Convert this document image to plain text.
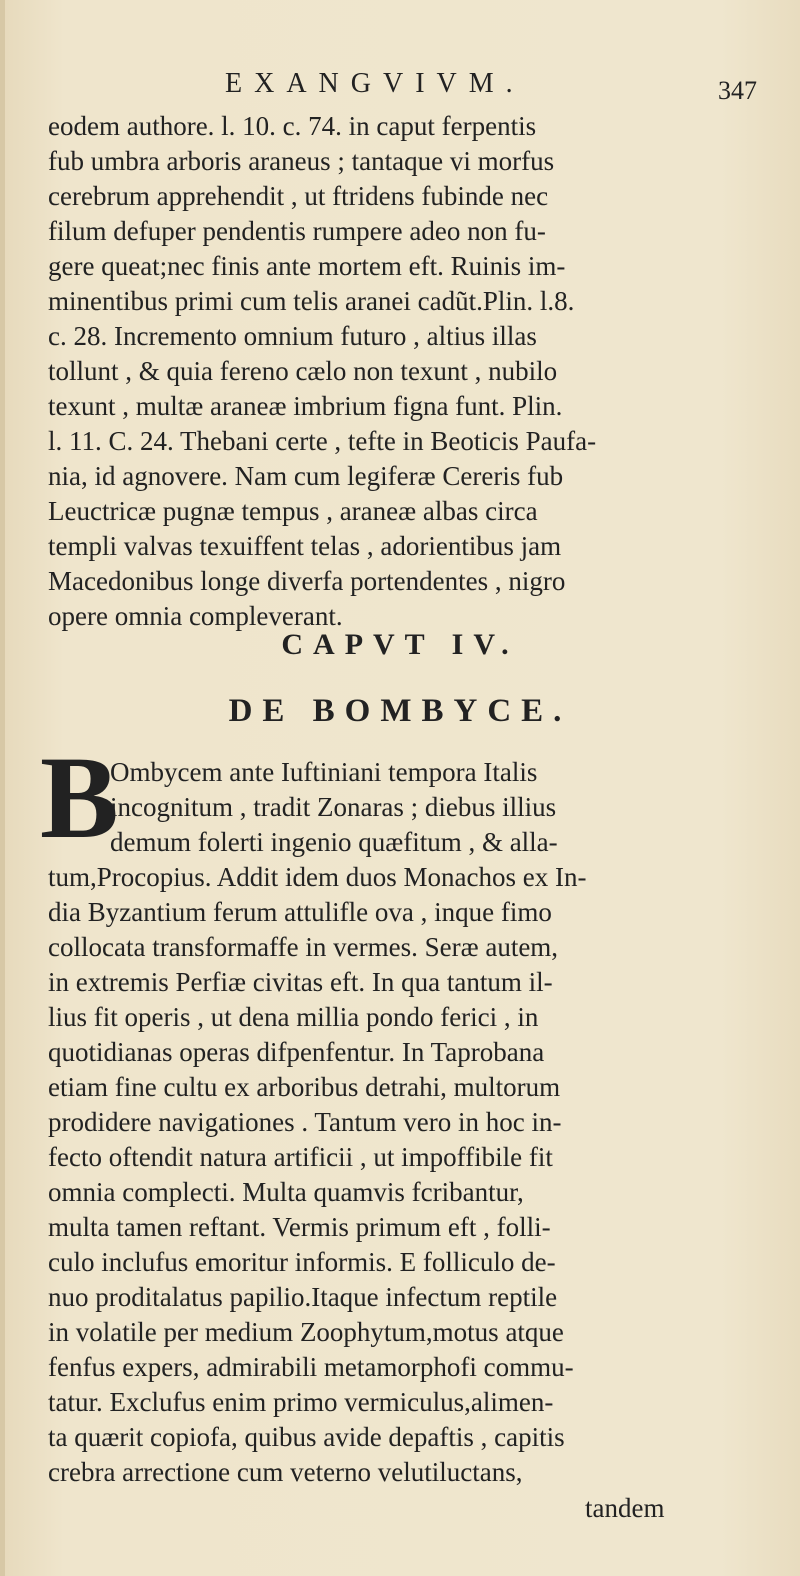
EXANGVIVM.	347
eodem authore. l. 10. c. 74. in caput ferpentis
fub umbra arboris araneus ; tantaque vi morfus
cerebrum apprehendit , ut ftridens fubinde nec
filum defuper pendentis rumpere adeo non fu-
gere queat;nec finis ante mortem eft. Ruinis im-
minentibus primi cum telis aranei cadũt.Plin. l.8.
c. 28. Incremento omnium futuro , altius illas
tollunt , & quia fereno cælo non texunt , nubilo
texunt , multæ araneæ imbrium figna funt. Plin.
l. 11. C. 24. Thebani certe , tefte in Beoticis Paufa-
nia, id agnovere. Nam cum legiferæ Cereris fub
Leuctricæ pugnæ tempus , araneæ albas circa
templi valvas texuiffent telas , adorientibus jam
Macedonibus longe diverfa portendentes , nigro
opere omnia compleverant.
CAPVT IV.
DE BOMBYCE.
B
Ombycem ante Iuftiniani tempora Italis
incognitum , tradit Zonaras ; diebus illius
demum folerti ingenio quæfitum , & alla-
tum,Procopius. Addit idem duos Monachos ex In-
dia Byzantium ferum attulifle ova , inque fimo
collocata transformaffe in vermes. Seræ autem,
in extremis Perfiæ civitas eft. In qua tantum il-
lius fit operis , ut dena millia pondo ferici , in
quotidianas operas difpenfentur. In Taprobana
etiam fine cultu ex arboribus detrahi, multorum
prodidere navigationes . Tantum vero in hoc in-
fecto oftendit natura artificii , ut impoffibile fit
omnia complecti. Multa quamvis fcribantur,
multa tamen reftant. Vermis primum eft , folli-
culo inclufus emoritur informis. E folliculo de-
nuo proditalatus papilio.Itaque infectum reptile
in volatile per medium Zoophytum,motus atque
fenfus expers, admirabili metamorphofi commu-
tatur. Exclufus enim primo vermiculus,alimen-
ta quærit copiofa, quibus avide depaftis , capitis
crebra arrectione cum veterno velutiluctans,
tandem
